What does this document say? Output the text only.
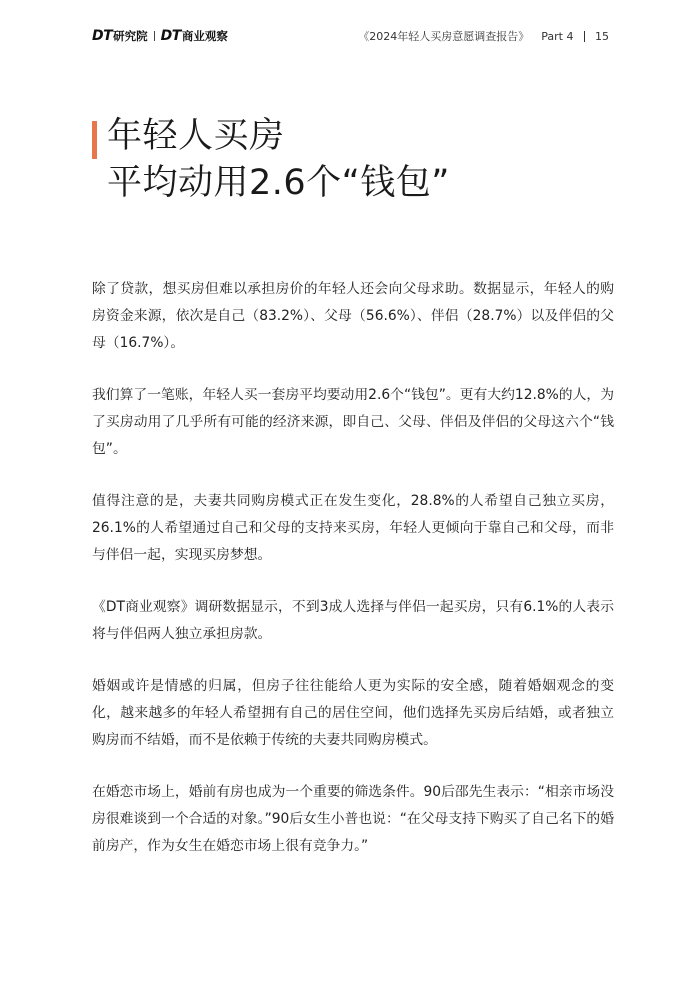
DT 研究院 DT 商业观察	《2024年轻人买房意愿调查报告》 Part 4 15
年轻人买房
平均动用2.6个“钱包”

除了贷款，想买房但难以承担房价的年轻人还会向父母求助。数据显示，年轻人的购房资金来源，依次是自己（83.2%）、父母（56.6%）、伴侣（28.7%）以及伴侣的父母（16.7%）。

我们算了一笔账，年轻人买一套房平均要动用2.6个“钱包”。更有大约12.8%的人，为了买房动用了几乎所有可能的经济来源，即自己、父母、伴侣及伴侣的父母这六个“钱包”。

值得注意的是，夫妻共同购房模式正在发生变化，28.8%的人希望自己独立买房，26.1%的人希望通过自己和父母的支持来买房，年轻人更倾向于靠自己和父母，而非与伴侣一起，实现买房梦想。

《DT商业观察》调研数据显示，不到3成人选择与伴侣一起买房，只有6.1%的人表示将与伴侣两人独立承担房款。

婚姻或许是情感的归属，但房子往往能给人更为实际的安全感，随着婚姻观念的变化，越来越多的年轻人希望拥有自己的居住空间，他们选择先买房后结婚，或者独立购房而不结婚，而不是依赖于传统的夫妻共同购房模式。

在婚恋市场上，婚前有房也成为一个重要的筛选条件。90后邵先生表示：“相亲市场没房很难谈到一个合适的对象。”90后女生小普也说：“在父母支持下购买了自己名下的婚前房产，作为女生在婚恋市场上很有竞争力。”
